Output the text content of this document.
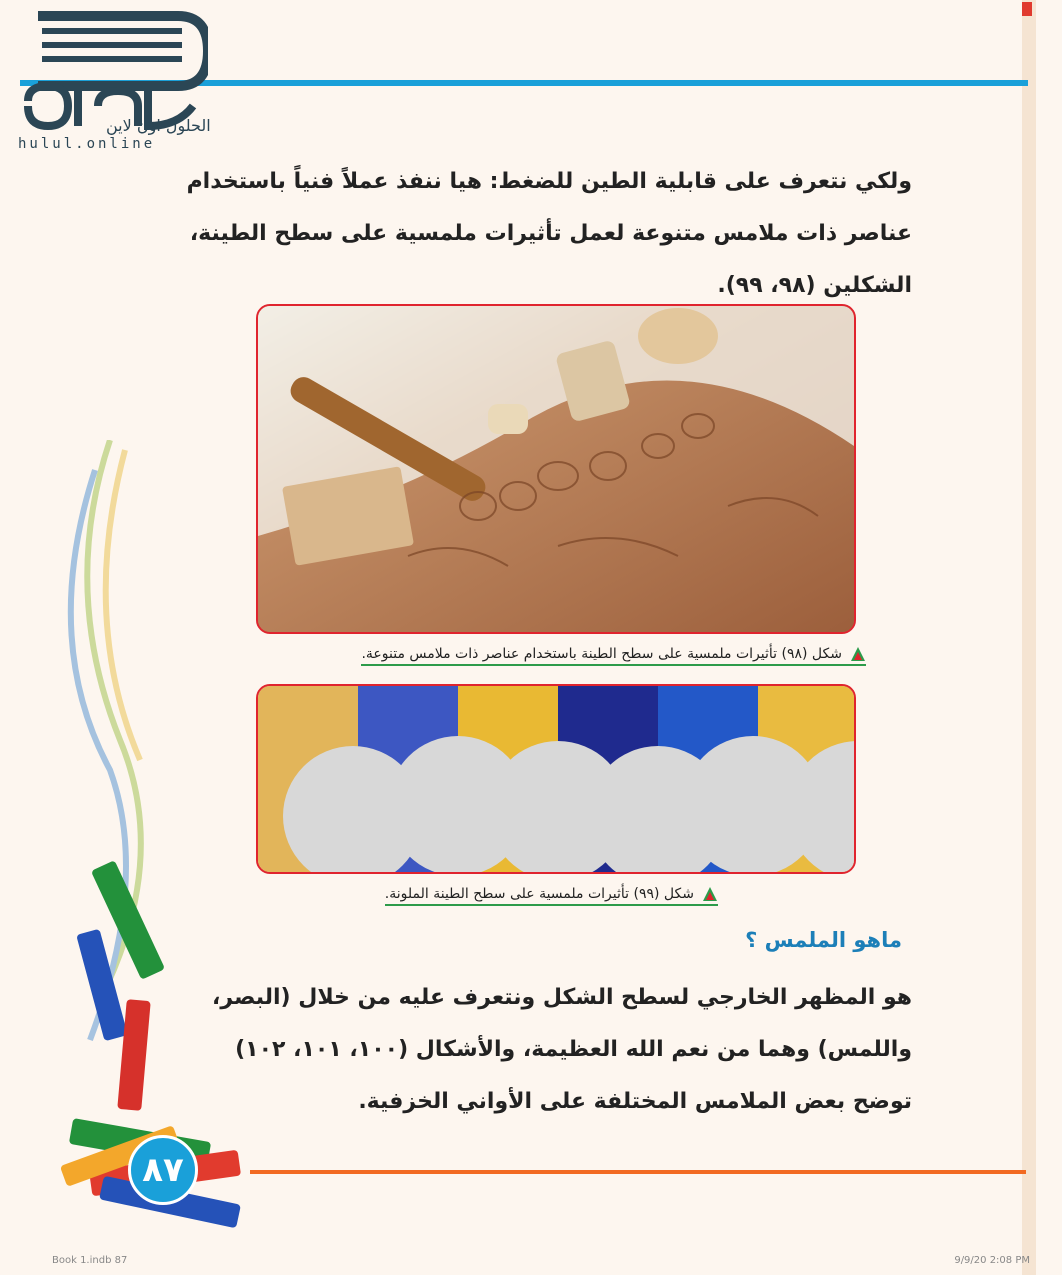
الحلول اون لاين
hulul.online
ولكي نتعرف على قابلية الطين للضغط: هيا ننفذ عملاً فنياً باستخدام عناصر ذات ملامس متنوعة لعمل تأثيرات ملمسية على سطح الطينة، الشكلين (٩٨، ٩٩).
شكل (٩٨) تأثيرات ملمسية على سطح الطينة باستخدام عناصر ذات ملامس متنوعة.
شكل (٩٩) تأثيرات ملمسية على سطح الطينة الملونة.
ماهو الملمس ؟
هو المظهر الخارجي لسطح الشكل ونتعرف عليه من خلال (البصر، واللمس) وهما من نعم الله العظيمة، والأشكال (١٠٠، ١٠١، ١٠٢) توضح بعض الملامس المختلفة على الأواني الخزفية.
٨٧
Book 1.indb 87	9/9/20 2:08 PM
